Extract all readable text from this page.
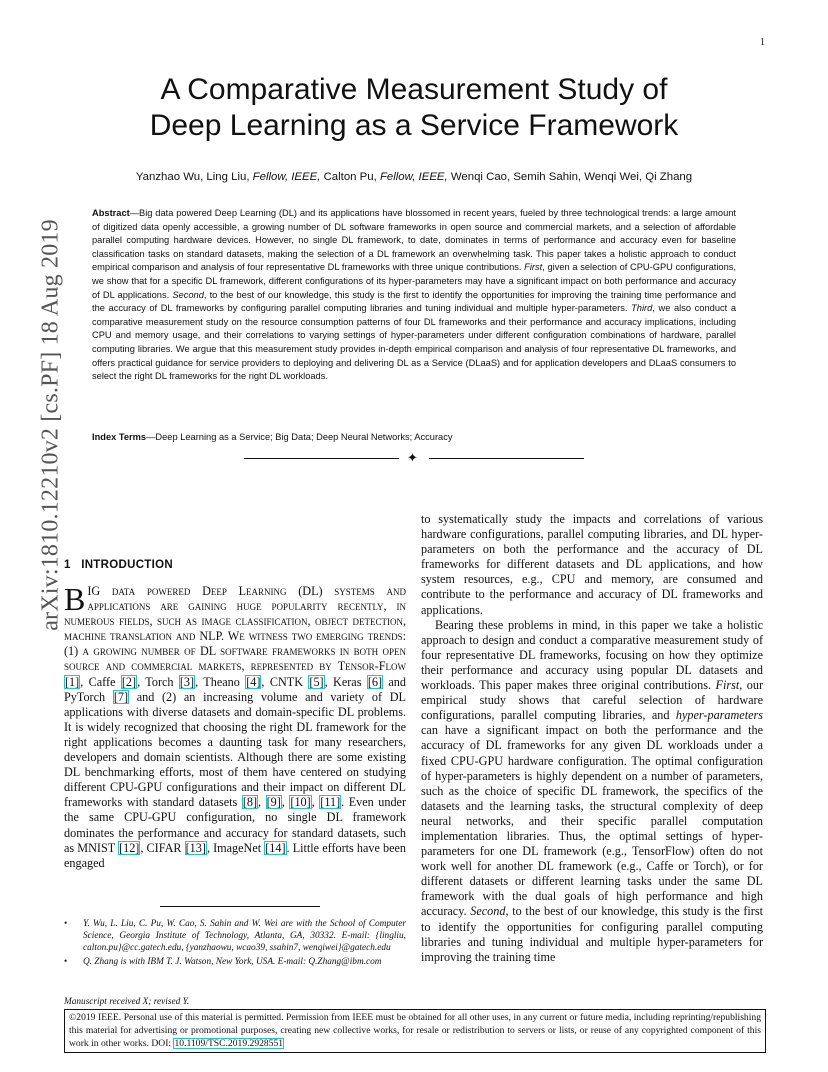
1
arXiv:1810.12210v2 [cs.PF] 18 Aug 2019
A Comparative Measurement Study of
Deep Learning as a Service Framework
Yanzhao Wu, Ling Liu, Fellow, IEEE, Calton Pu, Fellow, IEEE, Wenqi Cao, Semih Sahin, Wenqi Wei, Qi Zhang
Abstract—Big data powered Deep Learning (DL) and its applications have blossomed in recent years, fueled by three technological trends: a large amount of digitized data openly accessible, a growing number of DL software frameworks in open source and commercial markets, and a selection of affordable parallel computing hardware devices. However, no single DL framework, to date, dominates in terms of performance and accuracy even for baseline classification tasks on standard datasets, making the selection of a DL framework an overwhelming task. This paper takes a holistic approach to conduct empirical comparison and analysis of four representative DL frameworks with three unique contributions. First, given a selection of CPU-GPU configurations, we show that for a specific DL framework, different configurations of its hyper-parameters may have a significant impact on both performance and accuracy of DL applications. Second, to the best of our knowledge, this study is the first to identify the opportunities for improving the training time performance and the accuracy of DL frameworks by configuring parallel computing libraries and tuning individual and multiple hyper-parameters. Third, we also conduct a comparative measurement study on the resource consumption patterns of four DL frameworks and their performance and accuracy implications, including CPU and memory usage, and their correlations to varying settings of hyper-parameters under different configuration combinations of hardware, parallel computing libraries. We argue that this measurement study provides in-depth empirical comparison and analysis of four representative DL frameworks, and offers practical guidance for service providers to deploying and delivering DL as a Service (DLaaS) and for application developers and DLaaS consumers to select the right DL frameworks for the right DL workloads.
Index Terms—Deep Learning as a Service; Big Data; Deep Neural Networks; Accuracy
✦
1 INTRODUCTION
BIG data powered Deep Learning (DL) systems and applications are gaining huge popularity recently, in numerous fields, such as image classification, object detection, machine translation and NLP. We witness two emerging trends: (1) a growing number of DL software frameworks in both open source and commercial markets, represented by Tensor-Flow [1], Caffe [2], Torch [3], Theano [4], CNTK [5], Keras [6] and PyTorch [7] and (2) an increasing volume and variety of DL applications with diverse datasets and domain-specific DL problems. It is widely recognized that choosing the right DL framework for the right applications becomes a daunting task for many researchers, developers and domain scientists. Although there are some existing DL benchmarking efforts, most of them have centered on studying different CPU-GPU configurations and their impact on different DL frameworks with standard datasets [8], [9], [10], [11]. Even under the same CPU-GPU configuration, no single DL framework dominates the performance and accuracy for standard datasets, such as MNIST [12], CIFAR [13], ImageNet [14]. Little efforts have been engaged
• Y. Wu, L. Liu, C. Pu, W. Cao, S. Sahin and W. Wei are with the School of Computer Science, Georgia Institute of Technology, Atlanta, GA, 30332. E-mail: {lingliu, calton.pu}@cc.gatech.edu, {yanzhaowu, wcao39, ssahin7, wenqiwei}@gatech.edu
• Q. Zhang is with IBM T. J. Watson, New York, USA. E-mail: Q.Zhang@ibm.com
Manuscript received X; revised Y.
to systematically study the impacts and correlations of various hardware configurations, parallel computing libraries, and DL hyper-parameters on both the performance and the accuracy of DL frameworks for different datasets and DL applications, and how system resources, e.g., CPU and memory, are consumed and contribute to the performance and accuracy of DL frameworks and applications.
Bearing these problems in mind, in this paper we take a holistic approach to design and conduct a comparative measurement study of four representative DL frameworks, focusing on how they optimize their performance and accuracy using popular DL datasets and workloads. This paper makes three original contributions. First, our empirical study shows that careful selection of hardware configurations, parallel computing libraries, and hyper-parameters can have a significant impact on both the performance and the accuracy of DL frameworks for any given DL workloads under a fixed CPU-GPU hardware configuration. The optimal configuration of hyper-parameters is highly dependent on a number of parameters, such as the choice of specific DL framework, the specifics of the datasets and the learning tasks, the structural complexity of deep neural networks, and their specific parallel computation implementation libraries. Thus, the optimal settings of hyper-parameters for one DL framework (e.g., TensorFlow) often do not work well for another DL framework (e.g., Caffe or Torch), or for different datasets or different learning tasks under the same DL framework with the dual goals of high performance and high accuracy. Second, to the best of our knowledge, this study is the first to identify the opportunities for configuring parallel computing libraries and tuning individual and multiple hyper-parameters for improving the training time
©2019 IEEE. Personal use of this material is permitted. Permission from IEEE must be obtained for all other uses, in any current or future media, including reprinting/republishing this material for advertising or promotional purposes, creating new collective works, for resale or redistribution to servers or lists, or reuse of any copyrighted component of this work in other works. DOI: 10.1109/TSC.2019.2928551
